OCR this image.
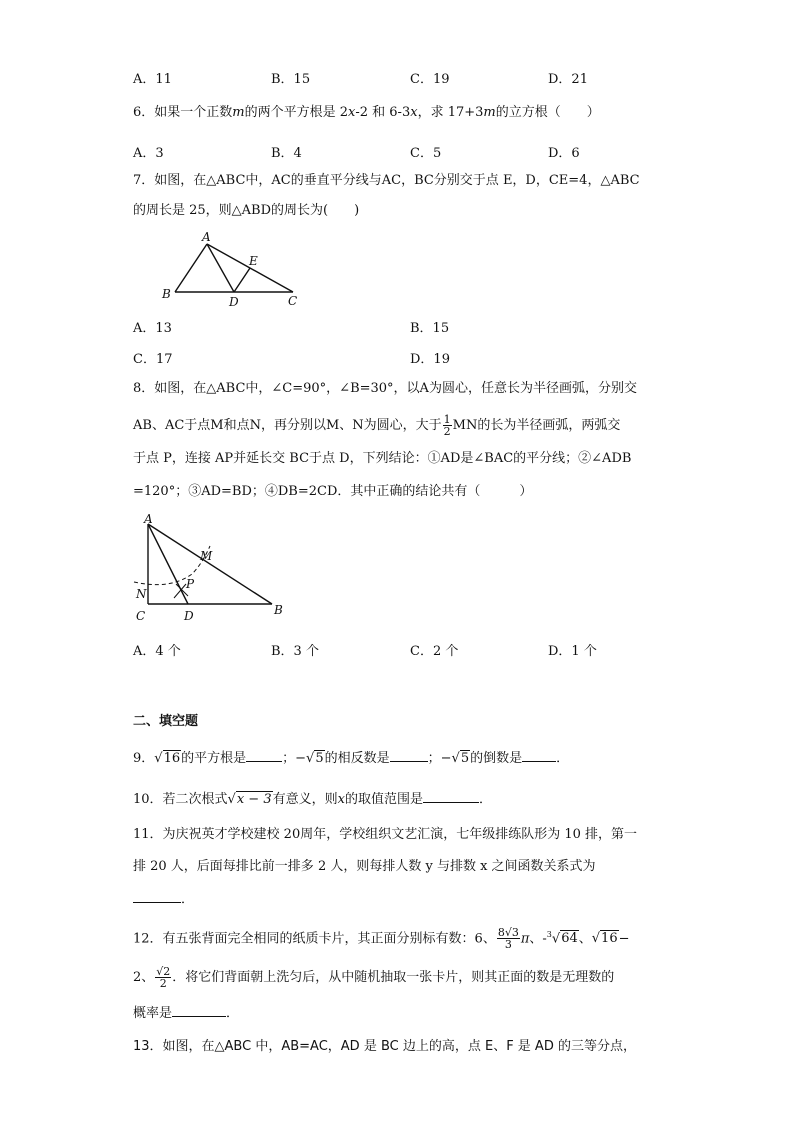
A．11	B．15	C．19	D．21
6．如果一个正数m的两个平方根是 2x-2 和 6-3x，求 17+3m的立方根（　　）
A．3	B．4	C．5	D．6
7．如图，在△ABC中，AC的垂直平分线与AC，BC分别交于点 E，D，CE=4，△ABC
的周长是 25，则△ABD的周长为(　　)
A
B	C
D
E
A．13	B．15
C．17	D．19
8．如图，在△ABC中，∠C=90°，∠B=30°，以A为圆心，任意长为半径画弧，分别交
AB、AC于点M和点N，再分别以M、N为圆心，大于 $\frac{1}{2}$ MN的长为半径画弧，两弧交
于点 P，连接 AP并延长交 BC于点 D，下列结论：①AD是∠BAC的平分线；②∠ADB
=120°；③AD=BD；④DB=2CD．其中正确的结论共有（　　　）
A
M
N
P
C	D	B
A．4 个	B．3 个	C．2 个	D．1 个
二、填空题
9．√16的平方根是	；−√5的相反数是	；−√5的倒数是	．
10．若二次根式√x − 3有意义，则x的取值范围是	．
11．为庆祝英才学校建校 20周年，学校组织文艺汇演，七年级排练队形为 10 排，第一
排 20 人，后面每排比前一排多 2 人，则每排人数 y 与排数 x 之间函数关系式为
．
12．有五张背面完全相同的纸质卡片，其正面分别标有数：6、 $\frac{8√3}{3}$ π、-$^3$√64、√16−
2、 $\frac{√2}{2}$ ．将它们背面朝上洗匀后，从中随机抽取一张卡片，则其正面的数是无理数的
概率是	．
13．如图，在△ABC 中，AB=AC，AD 是 BC 边上的高，点 E、F 是 AD 的三等分点，
